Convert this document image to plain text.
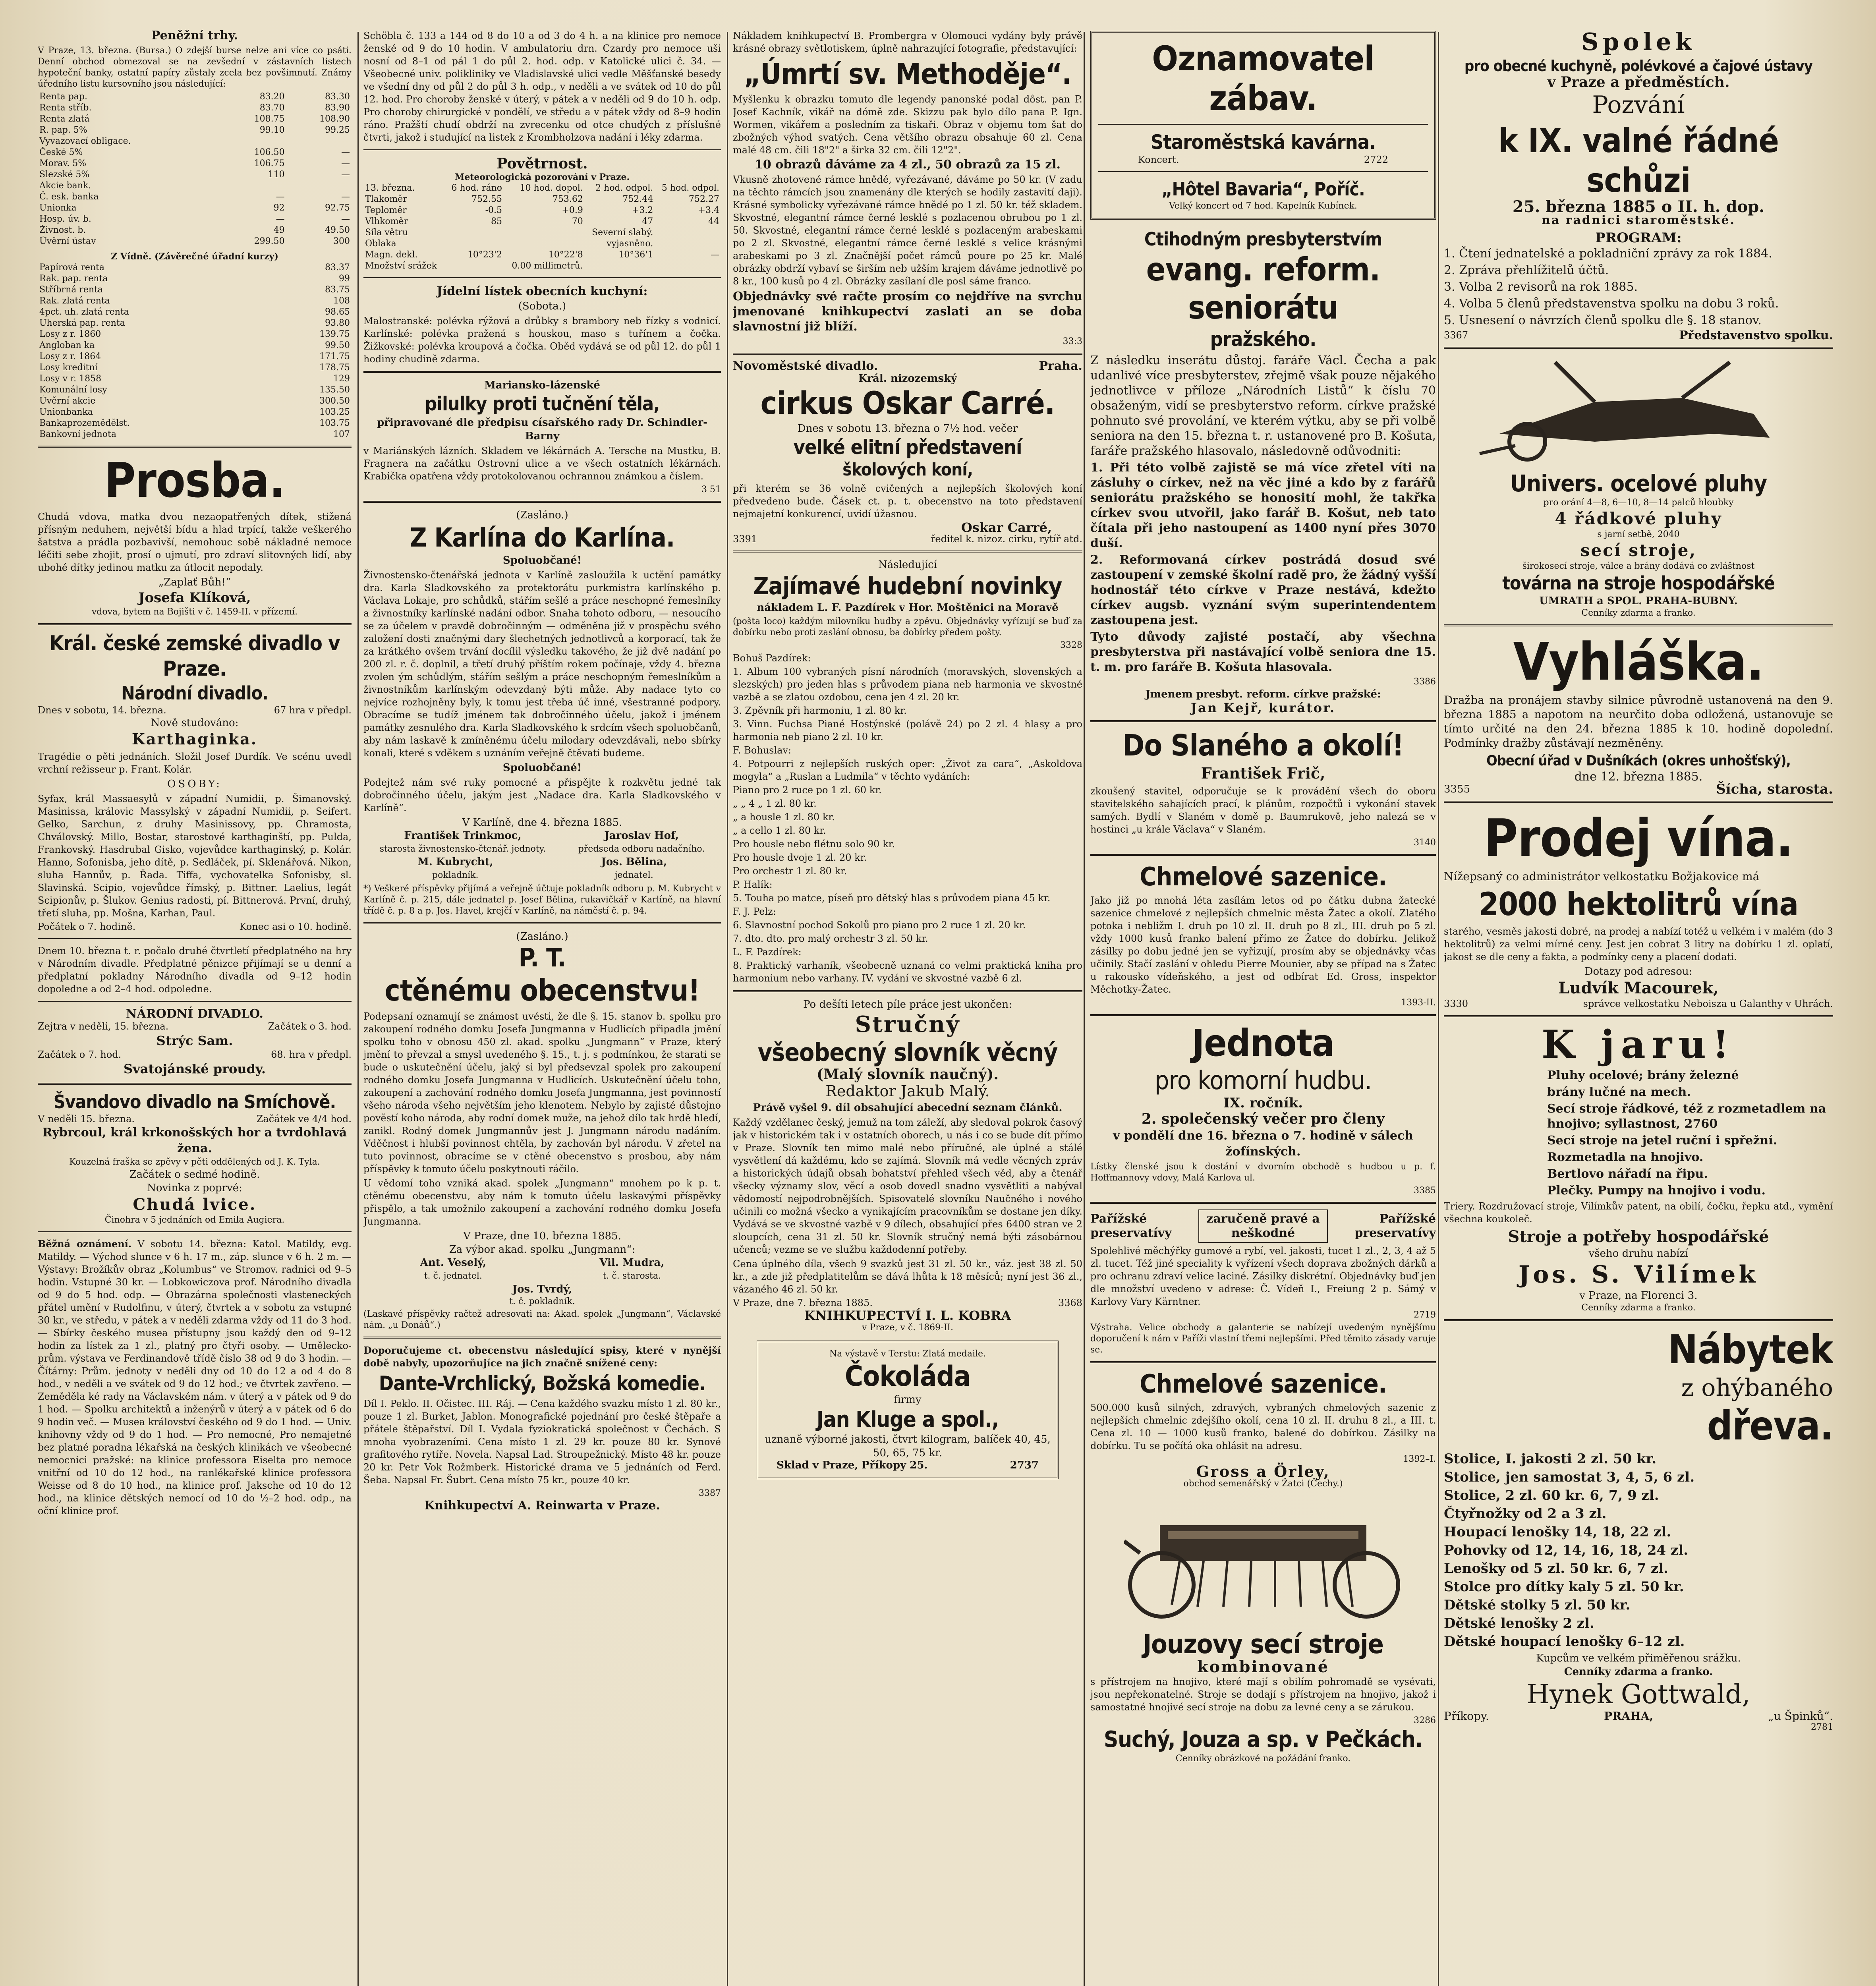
Peněžní trhy.
V Praze, 13. března. (Bursa.) O zdejší burse nelze ani více co psáti. Denní obchod obmezoval se na zevšední v zástavních listech hypoteční banky, ostatní papíry zůstaly zcela bez povšimnutí. Známy úředního listu kursovního jsou následující:
Renta pap.	83.20	83.30
Renta stříb.	83.70	83.90
Renta zlatá	108.75	108.90
R. pap. 5%	99.10	99.25
Vyvazovací obligace.		
České 5%	106.50	—
Morav. 5%	106.75	—
Slezské 5%	110	—
Akcie bank.		
Č. esk. banka	—	—
Unionka	92	92.75
Hosp. úv. b.	—	—
Živnost. b.	49	49.50
Úvěrní ústav	299.50	300
Z Vídně. (Závěrečné úřadní kurzy)
Papírová renta	83.37
Rak. pap. renta	99
Stříbrná renta	83.75
Rak. zlatá renta	108
4pct. uh. zlatá renta	98.65
Uherská pap. renta	93.80
Losy z r. 1860	139.75
Angloban ka	99.50
Losy z r. 1864	171.75
Losy kreditní	178.75
Losy v r. 1858	129
Komunální losy	135.50
Úvěrní akcie	300.50
Unionbanka	103.25
Bankaprozemědělst.	103.75
Bankovní jednota	107
Prosba.
Chudá vdova, matka dvou nezaopatřených dítek, stižená přísným neduhem, největší bídu a hlad trpící, takže veškerého šatstva a prádla pozbavivší, nemohouc sobě nákladné nemoce léčiti sebe zhojit, prosí o ujmutí, pro zdraví slitovných lidí, aby ubohé dítky jedinou matku za útlocit nepodaly.
„Zaplať Bůh!“
Josefa Klíková,
vdova, bytem na Bojišti v č. 1459-II. v přízemí.
Král. české zemské divadlo v Praze.
Národní divadlo.
Dnes v sobotu, 14. března.	67 hra v předpl.
Nově studováno:
Karthaginka.
Tragédie o pěti jednáních. Složil Josef Durdík. Ve scénu uvedl vrchní režisseur p. Frant. Kolár.
OSOBY:
Syfax, král Massaesylů v západní Numidii, p. Šimanovský. Masinissa, královic Massylský v západní Numidii, p. Seifert. Gelko, Sarchun, z druhy Masinissovy, pp. Chramosta, Chválovský. Millo, Bostar, starostové karthaginští, pp. Pulda, Frankovský. Hasdrubal Gisko, vojevůdce karthaginský, p. Kolár. Hanno, Sofonisba, jeho dítě, p. Sedláček, pí. Sklenářová. Nikon, sluha Hannův, p. Řada. Tiffa, vychovatelka Sofonisby, sl. Slavinská. Scipio, vojevůdce římský, p. Bittner. Laelius, legát Scipionův, p. Šlukov. Genius radosti, pí. Bittnerová. První, druhý, třetí sluha, pp. Mošna, Karhan, Paul.
Počátek o 7. hodině.	Konec asi o 10. hodině.
Dnem 10. března t. r. počalo druhé čtvrtletí předplatného na hry v Národním divadle. Předplatné pěnizce přijímají se u denní a předplatní pokladny Národního divadla od 9–12 hodin dopoledne a od 2–4 hod. odpoledne.
NÁRODNÍ DIVADLO.
Zejtra v neděli, 15. března.	Začátek o 3. hod.
Strýc Sam.
Začátek o 7. hod.	68. hra v předpl.
Svatojánské proudy.
Švandovo divadlo na Smíchově.
V neděli 15. března.	Začátek ve 4/4 hod.
Rybrcoul, král krkonošských hor a tvrdohlavá žena.
Kouzelná fraška se zpěvy v pěti oddělených od J. K. Tyla.
Začátek o sedmé hodině.
Novinka z poprvé:
Chudá lvice.
Činohra v 5 jednáních od Emila Augiera.
Běžná oznámení. V sobotu 14. března: Katol. Matildy, evg. Matildy. — Východ slunce v 6 h. 17 m., záp. slunce v 6 h. 2 m. — Výstavy: Brožíkův obraz „Kolumbus“ ve Stromov. radnici od 9–5 hodin. Vstupné 30 kr. — Lobkowiczova prof. Národního divadla od 9 do 5 hod. odp. — Obrazárna společnosti vlasteneckých přátel umění v Rudolfinu, v úterý, čtvrtek a v sobotu za vstupné 30 kr., ve středu, v pátek a v neděli zdarma vždy od 11 do 3 hod. — Sbírky českého musea přístupny jsou každý den od 9–12 hodin za lístek za 1 zl., platný pro čtyři osoby. — Umělecko-prům. výstava ve Ferdinandově třídě číslo 38 od 9 do 3 hodin. — Čítárny: Prům. jednoty v neděli dny od 10 do 12 a od 4 do 8 hod., v neděli a ve svátek od 9 do 12 hod.; ve čtvrtek zavřeno. — Zeměděla ké rady na Václavském nám. v úterý a v pátek od 9 do 1 hod. — Spolku architektů a inženýrů v úterý a v pátek od 6 do 9 hodin več. — Musea království českého od 9 do 1 hod. — Univ. knihovny vždy od 9 do 1 hod. — Pro nemocné, Pro nemajetné bez platné poradna lékařská na českých klinikách ve všeobecné nemocnici pražské: na klinice professora Eiselta pro nemoce vnitřní od 10 do 12 hod., na ranlékařské klinice professora Weisse od 8 do 10 hod., na klinice prof. Jaksche od 10 do 12 hod., na klinice dětských nemocí od 10 do ½–2 hod. odp., na oční klinice prof.
Schöbla č. 133 a 144 od 8 do 10 a od 3 do 4 h. a na klinice pro nemoce ženské od 9 do 10 hodin. V ambulatoriu drn. Czardy pro nemoce uši nosní od 8–1 od pál 1 do půl 2. hod. odp. v Katolické ulici č. 34. — Všeobecné univ. polikliniky ve Vladislavské ulici vedle Měšťanské besedy ve všední dny od půl 2 do půl 3 h. odp., v neděli a ve svátek od 10 do půl 12. hod. Pro choroby ženské v úterý, v pátek a v neděli od 9 do 10 h. odp. Pro choroby chirurgické v pondělí, ve středu a v pátek vždy od 8–9 hodin ráno. Pražští chudí obdrží na zvrecenku od otce chudých z příslušné čtvrti, jakož i studující na listek z Krombholzova nadání i léky zdarma.
Povětrnost.
Meteorologická pozorování v Praze.
13. března.	6 hod. ráno	10 hod. dopol.	2 hod. odpol.	5 hod. odpol.
Tlakoměr	752.55	753.62	752.44	752.27
Teploměr	-0.5	+0.9	+3.2	+3.4
Vlhkoměr	85	70	47	44
Síla větru			Severní slabý.	
Oblaka			vyjasněno.	
Magn. dekl.	10°23'2	10°22'8	10°36'1	—
Množství srážek		0.00 millimetrů.		
Jídelní lístek obecních kuchyní:
(Sobota.)
Malostranské: polévka rýžová a drůbky s brambory neb řízky s vodnicí. Karlínské: polévka pražená s houskou, maso s tuřínem a čočka. Žižkovské: polévka kroupová a čočka. Oběd vydává se od půl 12. do půl 1 hodiny chudině zdarma.
Mariansko-lázenské
pilulky proti tučnění těla,
připravované dle předpisu císařského rady Dr. Schindler-Barny
v Mariánských lázních. Skladem ve lékárnách A. Tersche na Mustku, B. Fragnera na začátku Ostrovní ulice a ve všech ostatních lékárnách. Krabička opatřena vždy protokolovanou ochrannou známkou a číslem.
3 51
(Zasláno.)
Z Karlína do Karlína.
Spoluobčané!
Živnostensko-čtenářská jednota v Karlíně zasloužila k uctění památky dra. Karla Sladkovského za protektorátu purkmistra karlínského p. Václava Lokaje, pro schůdků, stářím sešlé a práce neschopné řemeslníky a živnostníky karlínské nadání odbor. Snaha tohoto odboru, — nesoucího se za účelem v pravdě dobročinným — odměněna již v prospěchu svého založení dosti značnými dary šlechetných jednotlivců a korporací, tak že za krátkého ovšem trvání docílil výsledku takového, že již dvě nadání po 200 zl. r. č. doplnil, a třetí druhý příštím rokem počínaje, vždy 4. března zvolen ým schůdlým, stářím sešlým a práce neschopným řemeslníkům a živnostníkům karlínským odevzdaný býti může. Aby nadace tyto co nejvíce rozhojněny byly, k tomu jest třeba úč inné, všestranné podpory. Obracíme se tudíž jménem tak dobročinného účelu, jakož i jménem památky zesnulého dra. Karla Sladkovského k srdcím všech spoluobčanů, aby nám laskavě k zmíněnému účelu milodary odevzdávali, nebo sbírky konali, které s vděkem s uznáním veřejně čtěvati budeme.
Spoluobčané!
Podejtež nám své ruky pomocné a přispějte k rozkvětu jedné tak dobročinného účelu, jakým jest „Nadace dra. Karla Sladkovského v Karlíně“.
V Karlíně, dne 4. března 1885.
František Trinkmoc,
starosta živnostensko-čtenář. jednoty.
Jaroslav Hof,
předseda odboru nadačního.
M. Kubrycht,
pokladník.
Jos. Bělina,
jednatel.
*) Veškeré příspěvky přijímá a veřejně účtuje pokladník odboru p. M. Kubrycht v Karlíně č. p. 215, dále jednatel p. Josef Bělina, rukavičkář v Karlíně, na hlavní třídě č. p. 8 a p. Jos. Havel, krejčí v Karlíně, na náměstí č. p. 94.
(Zasláno.)
P. T.
ctěnému obecenstvu!
Podepsaní oznamují se známost uvésti, že dle §. 15. stanov b. spolku pro zakoupení rodného domku Josefa Jungmanna v Hudlicích připadla jmění spolku toho v obnosu 450 zl. akad. spolku „Jungmann“ v Praze, který jmění to převzal a smysl uvedeného §. 15., t. j. s podmínkou, že starati se bude o uskutečnění účelu, jaký si byl předsevzal spolek pro zakoupení rodného domku Josefa Jungmanna v Hudlicích. Uskutečnění účelu toho, zakoupení a zachování rodného domku Josefa Jungmanna, jest povinností všeho národa všeho největším jeho klenotem. Nebylo by zajisté důstojno pověstí koho národa, aby rodní domek muže, na jehož dílo tak hrdě hledí, zanikl. Rodný domek Jungmannův jest J. Jungmann národu nadáním. Vděčnost i hlubší povinnost chtěla, by zachován byl národu. V zřetel na tuto povinnost, obracíme se v ctěné obecenstvo s prosbou, aby nám příspěvky k tomuto účelu poskytnouti ráčilo.
U vědomí toho vzniká akad. spolek „Jungmann“ mnohem po k p. t. ctěnému obecenstvu, aby nám k tomuto účelu laskavými příspěvky přispělo, a tak umožnilo zakoupení a zachování rodného domku Josefa Jungmanna.
V Praze, dne 10. března 1885.
Za výbor akad. spolku „Jungmann“:
Ant. Veselý,
t. č. jednatel.
Vil. Mudra,
t. č. starosta.
Jos. Tvrdý,
t. č. pokladník.
(Laskavé příspěvky račtež adresovati na: Akad. spolek „Jungmann“, Václavské nám. „u Donáů“.)
Doporučujeme ct. obecenstvu následující spisy, které v nynější době nabyly, upozorňujíce na jich značně snížené ceny:
Dante-Vrchlický, Božská komedie.
Díl I. Peklo. II. Očistec. III. Ráj. — Cena každého svazku místo 1 zl. 80 kr., pouze 1 zl. Burket, Jablon. Monografické pojednání pro české štěpaře a přátele štěpařství. Díl I. Vydala fyziokratická společnost v Čechách. S mnoha vyobrazeními. Cena místo 1 zl. 29 kr. pouze 80 kr. Synové grafitového rytíře. Novela. Napsal Lad. Stroupežnický. Místo 48 kr. pouze 20 kr. Petr Vok Rožmberk. Historické drama ve 5 jednáních od Ferd. Šeba. Napsal Fr. Šubrt. Cena místo 75 kr., pouze 40 kr.
3387
Knihkupectví A. Reinwarta v Praze.
Nákladem knihkupectví B. Prombergra v Olomouci vydány byly právě krásné obrazy světlotiskem, úplně nahrazující fotografie, představující:
„Úmrtí sv. Methoděje“.
Myšlenku k obrazku tomuto dle legendy panonské podal dôst. pan P. Josef Kachník, vikář na dómě zde. Skizzu pak bylo dílo pana P. Ign. Wormen, vikářem a posledním za tiskaři. Obraz v objemu tom šat do zbožných výhod svatých. Cena většího obrazu obsahuje 60 zl. Cena malé 48 cm. čili 18"2" a širka 32 cm. čili 12"2".
10 obrazů dáváme za 4 zl., 50 obrazů za 15 zl.
Vkusně zhotovené rámce hnědé, vyřezávané, dáváme po 50 kr. (V zadu na těchto rámcích jsou znamenány dle kterých se hodily zastavití daji). Krásné symbolicky vyřezávané rámce hnědé po 1 zl. 50 kr. též skladem. Skvostné, elegantní rámce černé lesklé s pozlacenou obrubou po 1 zl. 50. Skvostné, elegantní rámce černé lesklé s pozlaceným arabeskami po 2 zl. Skvostné, elegantní rámce černé lesklé s velice krásnými arabeskami po 3 zl. Značnější počet rámců poure po 25 kr. Malé obrázky obdrží vybaví se širším neb užším krajem dáváme jednotlivě po 8 kr., 100 kusů po 4 zl. Obrázky zasílaní dle posl sáme franco.
Objednávky své račte prosím co nejdříve na svrchu jmenované knihkupectví zaslati an se doba slavnostní již blíží.
33:3
Novoměstské divadlo.	Praha.
Král. nizozemský
cirkus Oskar Carré.
Dnes v sobotu 13. března o 7½ hod. večer
velké elitní představení
školových koní,
při kterém se 36 volně cvičených a nejlepších školových koní předvedeno bude. Čásek ct. p. t. obecenstvo na toto představení nejmajetní konkurencí, uvidí úžasnou.
3391
Oskar Carré,
ředitel k. nizoz. cirku, rytíř atd.
Následující
Zajímavé hudební novinky
nákladem L. F. Pazdírek v Hor. Moštěnici na Moravě
(pošta loco) každým milovníku hudby a zpěvu. Objednávky vyřízují se buď za dobírku nebo proti zaslání obnosu, ba dobírky předem pošty.
3328
Bohuš Pazdírek:
1. Album 100 vybraných písní národních (moravských, slovenských a slezských) pro jeden hlas s průvodem piana neb harmonia ve skvostné vazbě a se zlatou ozdobou, cena jen 4 zl. 20 kr.
3. Zpěvník při harmoniu, 1 zl. 80 kr.
3. Vinn. Fuchsa Piané Hostýnské (polávě 24) po 2 zl. 4 hlasy a pro harmonia neb piano 2 zl. 10 kr.
F. Bohuslav:
4. Potpourri z nejlepších ruských oper: „Život za cara“, „Askoldova mogyla“ a „Ruslan a Ludmila“ v těchto vydáních:
Piano pro 2 ruce po 1 zl. 60 kr.
„ „ 4 „ 1 zl. 80 kr.
„ a housle 1 zl. 80 kr.
„ a cello 1 zl. 80 kr.
Pro housle nebo flétnu solo 90 kr.
Pro housle dvoje 1 zl. 20 kr.
Pro orchestr 1 zl. 80 kr.
P. Halík:
5. Touha po matce, píseň pro dětský hlas s průvodem piana 45 kr.
F. J. Pelz:
6. Slavnostní pochod Sokolů pro piano pro 2 ruce 1 zl. 20 kr.
7. dto. dto. pro malý orchestr 3 zl. 50 kr.
L. F. Pazdírek:
8. Praktický varhaník, všeobecně uznaná co velmi praktická kniha pro harmonium nebo varhany. IV. vydání ve skvostné vazbě 6 zl.
Po dešíti letech píle práce jest ukončen:
Stručný
všeobecný slovník věcný
(Malý slovník naučný).
Redaktor Jakub Malý.
Právě vyšel 9. díl obsahující abecední seznam článků.
Každý vzdělanec český, jemuž na tom záleží, aby sledoval pokrok časový jak v historickém tak i v ostatních oborech, u nás i co se bude dít přímo v Praze. Slovník ten mimo malé nebo příručné, ale úplné a stálé vysvětlení dá každému, kdo se zajímá. Slovník má vedle věcných zpráv a historických údajů obsah bohatství přehled všech věd, aby a čtenář všecky významy slov, věcí a osob dovedl snadno vysvětliti a nabýval vědomostí nejpodrobnějších. Spisovatelé slovníku Naučného i nového učinili co možná všecko a vynikajícím pracovníkům se dostane jen díky. Vydává se ve skvostné vazbě v 9 dílech, obsahující přes 6400 stran ve 2 sloupcích, cena 31 zl. 50 kr. Slovník stručný nemá býti zásobárnou učenců; vezme se ve službu každodenní potřeby.
Cena úplného díla, všech 9 svazků jest 31 zl. 50 kr., váz. jest 38 zl. 50 kr., a zde již předplatitelům se dává lhůta k 18 měsíců; nyní jest 36 zl., vázaného 46 zl. 50 kr.
V Praze, dne 7. března 1885.	3368
KNIHKUPECTVÍ I. L. KOBRA
v Praze, v č. 1869-II.
Na výstavě v Terstu: Zlatá medaile.
Čokoláda
firmy
Jan Kluge a spol.,
uznaně výborné jakosti, čtvrt kilogram, balíček 40, 45, 50, 65, 75 kr.
Sklad v Praze, Příkopy 25.	2737
Oznamovatel zábav.
Staroměstská kavárna.
Koncert.	2722
„Hôtel Bavaria“, Poříč.
Velký koncert od 7 hod. Kapelník Kubínek.
Ctihodným presbyterstvím
evang. reform. seniorátu
pražského.
Z následku inserátu důstoj. faráře Václ. Čecha a pak udanlivé více presbyterstev, zřejmě však pouze nějakého jednotlivce v příloze „Národních Listů“ k číslu 70 obsaženým, vidí se presbyterstvo reform. církve pražské pohnuto své provolání, ve kterém výtku, aby se při volbě seniora na den 15. března t. r. ustanovené pro B. Košuta, faráře pražského hlasovalo, následovně odůvodniti:
1. Při této volbě zajistě se má více zřetel víti na zásluhy o církev, než na věc jiné a kdo by z farářů seniorátu pražského se honosití mohl, že takřka církev svou utvořil, jako farář B. Košut, neb tato čítala při jeho nastoupení as 1400 nyní přes 3070 duší.
2. Reformovaná církev postrádá dosud své zastoupení v zemské školní radě pro, že žádný vyšší hodnostář této církve v Praze nestává, kdežto církev augsb. vyznání svým superintendentem zastoupena jest.
Tyto důvody zajisté postačí, aby všechna presbyterstva při nastávající volbě seniora dne 15. t. m. pro faráře B. Košuta hlasovala.
3386
Jmenem presbyt. reform. církve pražské:
Jan Kejř, kurátor.
Do Slaného a okolí!
František Frič,
zkoušený stavitel, odporučuje se k provádění všech do oboru stavitelského sahajících prací, k plánům, rozpočtů i vykonání stavek samých. Bydlí v Slaném v domě p. Baumrukově, jeho nalezá se v hostinci „u krále Václava“ v Slaném.
3140
Chmelové sazenice.
Jako již po mnohá léta zasílám letos od po čátku dubna žatecké sazenice chmelové z nejlepších chmelnic města Žatec a okolí. Zlatého potoka i nebližm I. druh po 10 zl. II. druh po 8 zl., III. druh po 5 zl. vždy 1000 kusů franko balení přímo ze Žatce do dobírku. Jelikož zásilky po dobu jedné jen se vyřizují, prosím aby se objednávky včas učinily. Stačí zaslání v ohledu Pierre Mounier, aby se případ na s Žatec u rakousko vídeňského, a jest od odbírat Ed. Gross, inspektor Měchotky-Žatec.
1393-II.
Jednota
pro komorní hudbu.
IX. ročník.
2. společenský večer pro členy
v pondělí dne 16. března o 7. hodině v sálech žofínských.
Lístky členské jsou k dostání v dvorním obchodě s hudbou u p. f. Hoffmannovy vdovy, Malá Karlova ul.
3385
Pařížské preservatívy
zaručeně pravé a neškodné
Pařížské preservatívy
Spolehlivé měchýřky gumové a rybí, vel. jakosti, tucet 1 zl., 2, 3, 4 až 5 zl. tucet. Též jiné speciality k vyřízení všech doprava zbožných dárků a pro ochranu zdraví velice laciné. Zásilky diskrétní. Objednávky buď jen dle množství uvedeno v adrese: Č. Vídeň I., Freiung 2 p. Sámý v Karlovy Vary Kärntner.
2719
Výstraha. Velice obchody a galanterie se nabízejí uvedeným nynějšímu doporučení k nám v Paříži vlastní třemi nejlepšími. Před těmito zásady varuje se.
Chmelové sazenice.
500.000 kusů silných, zdravých, vybraných chmelových sazenic z nejlepších chmelnic zdejšího okolí, cena 10 zl. II. druhu 8 zl., a III. t. Cena zl. 10 — 1000 kusů franko, balené do dobírkou. Zásilky na dobírku. Tu se počítá oka ohlásit na adresu.
1392–I.
Gross a Örley,
obchod semenářský v Žatci (Čechy.)
Jouzovy secí stroje
kombinované
s přístrojem na hnojivo, které mají s obilím pohromadě se vysévati, jsou nepřekonatelné. Stroje se dodají s přístrojem na hnojivo, jakož i samostatné hnojivé secí stroje na dobu za levné ceny a se zárukou.
3286
Suchý, Jouza a sp. v Pečkách.
Cenníky obrázkové na požádání franko.
Spolek
pro obecné kuchyně, polévkové a čajové ústavy
v Praze a předměstích.
Pozvání
k IX. valné řádné schůzi
25. března 1885 o II. h. dop.
na radnici staroměstské.
PROGRAM:
1. Čtení jednatelské a pokladniční zprávy za rok 1884.
2. Zpráva přehlížitelů účtů.
3. Volba 2 revisorů na rok 1885.
4. Volba 5 členů představenstva spolku na dobu 3 roků.
5. Usnesení o návrzích členů spolku dle §. 18 stanov.
3367	Představenstvo spolku.
Univers. ocelové pluhy
pro orání 4—8, 6—10, 8—14 palců hloubky
4 řádkové pluhy
s jarní setbě, 2040
secí stroje,
širokosecí stroje, válce a brány dodává co zvláštnost
továrna na stroje hospodářské
UMRATH a SPOL. PRAHA-BUBNY.
Cenníky zdarma a franko.
Vyhláška.
Dražba na pronájem stavby silnice půvrodně ustanovená na den 9. března 1885 a napotom na neurčito doba odložená, ustanovuje se tímto určité na den 24. března 1885 k 10. hodině dopolední. Podmínky dražby zůstávají nezměněny.
Obecní úřad v Dušníkách (okres unhošťský),
dne 12. března 1885.
3355	Šícha, starosta.
Prodej vína.
Nížepsaný co administrátor velkostatku Božjakovice má
2000 hektolitrů vína
starého, vesměs jakosti dobré, na prodej a nabízí totéž u velkém i v malém (do 3 hektolitrů) za velmi mírné ceny. Jest jen cobrat 3 litry na dobírku 1 zl. oplatí, jakost se dle ceny a fakta, a podmínky ceny a placení dodati.
Dotazy pod adresou:
Ludvík Macourek,
3330	správce velkostatku Neboisza u Galanthy v Uhrách.
K jaru!
Pluhy ocelové; brány železné
brány lučné na mech.
Secí stroje řádkové, též z rozmetadlem na hnojivo; syllastnost, 2760
Secí stroje na jetel ruční i spřežní.
Rozmetadla na hnojivo.
Bertlovo nářadí na řipu.
Plečky. Pumpy na hnojivo i vodu.
Triery. Rozdružovací stroje, Vilímkův patent, na obilí, čočku, řepku atd., vymění všechna koukoleč.
Stroje a potřeby hospodářské
všeho druhu nabízí
Jos. S. Vilímek
v Praze, na Florenci 3.
Cenníky zdarma a franko.
Nábytek
z ohýbaného
dřeva.
Stolice, I. jakosti 2 zl. 50 kr.
Stolice, jen samostat 3, 4, 5, 6 zl.
Stolice, 2 zl. 60 kr. 6, 7, 9 zl.
Čtyřnožky od 2 a 3 zl.
Houpací lenošky 14, 18, 22 zl.
Pohovky od 12, 14, 16, 18, 24 zl.
Lenošky od 5 zl. 50 kr. 6, 7 zl.
Stolce pro dítky kaly 5 zl. 50 kr.
Dětské stolky 5 zl. 50 kr.
Dětské lenošky 2 zl.
Dětské houpací lenošky 6–12 zl.
Kupcům ve velkém přiměřenou srážku.
Cenníky zdarma a franko.
Hynek Gottwald,
Příkopy.	PRAHA,	„u Špinků“.
2781
